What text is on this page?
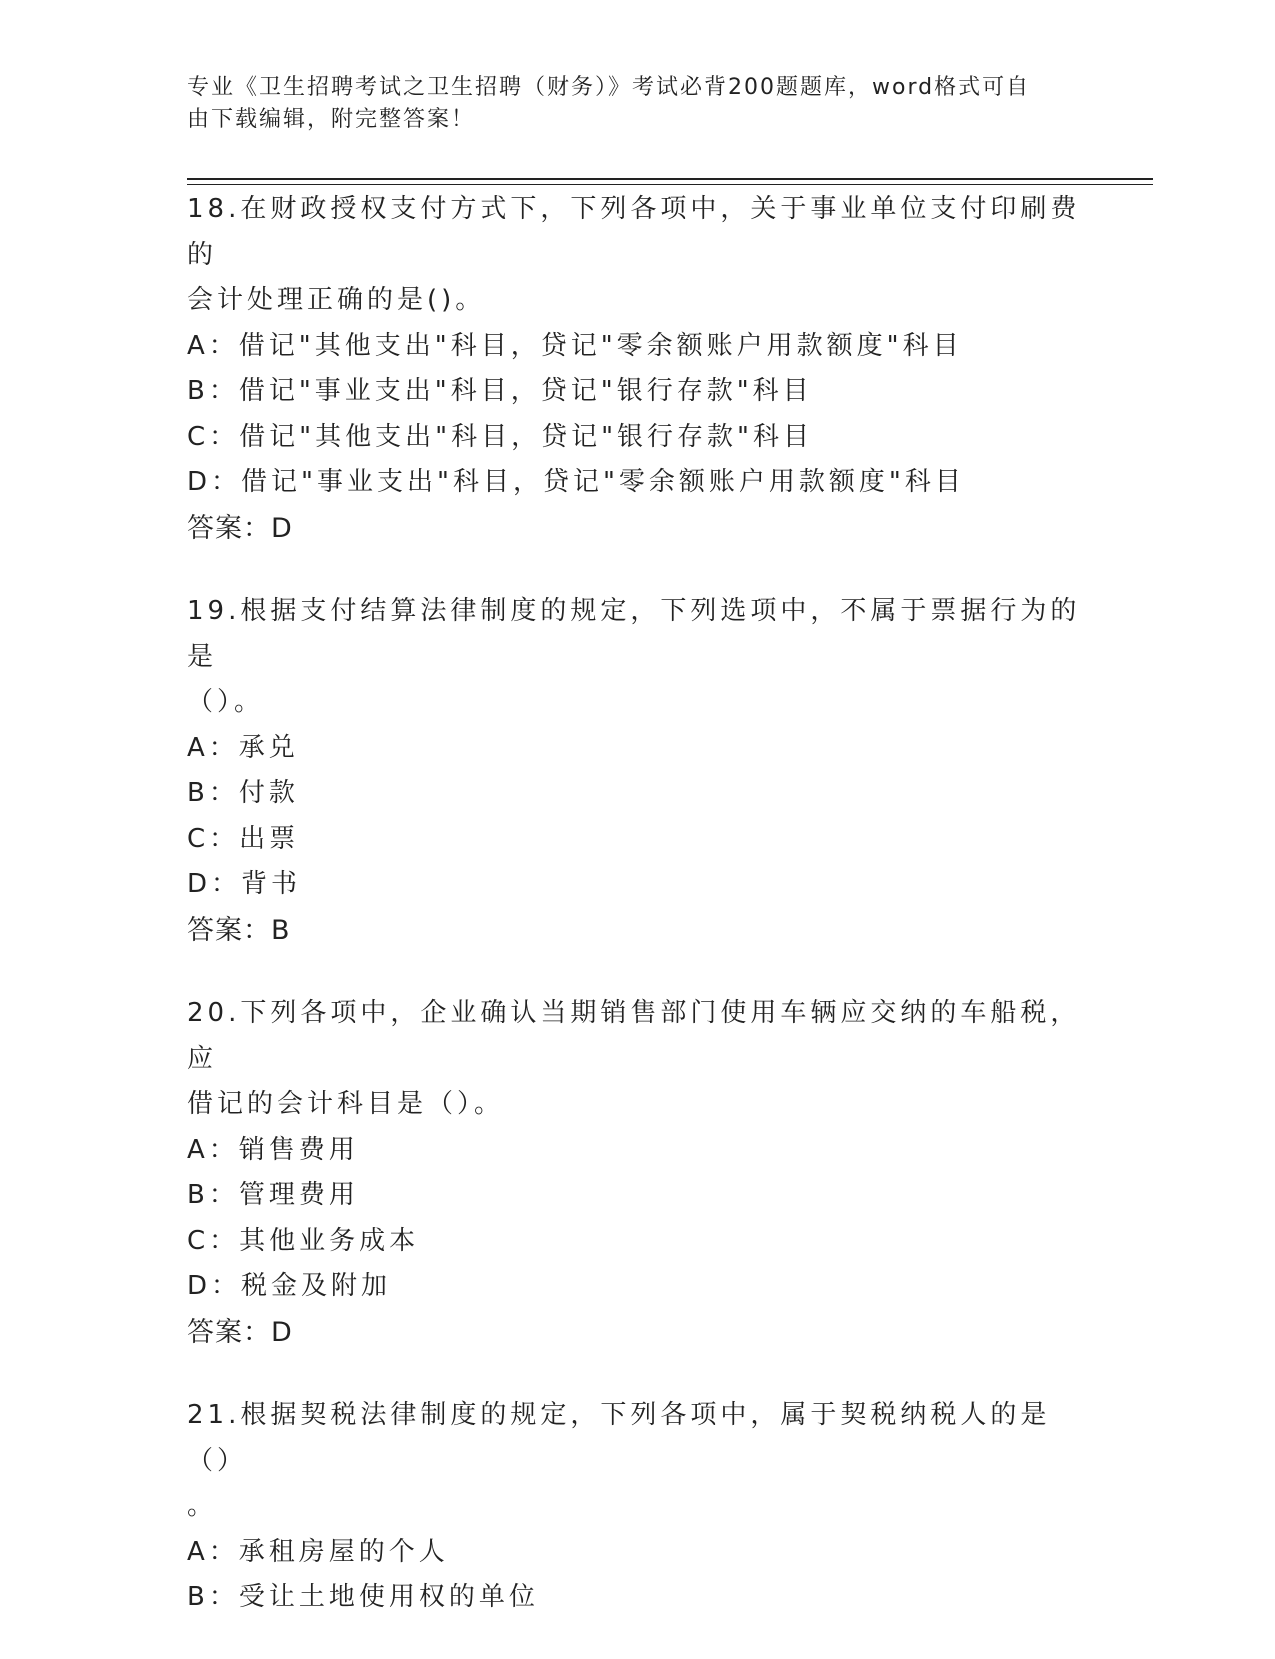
专业《卫生招聘考试之卫生招聘（财务）》考试必背200题题库，word格式可自
由下载编辑，附完整答案！

18.在财政授权支付方式下，下列各项中，关于事业单位支付印刷费的

会计处理正确的是()。

A：借记"其他支出"科目，贷记"零余额账户用款额度"科目

B：借记"事业支出"科目，贷记"银行存款"科目

C：借记"其他支出"科目，贷记"银行存款"科目

D：借记"事业支出"科目，贷记"零余额账户用款额度"科目

答案：D

19.根据支付结算法律制度的规定，下列选项中，不属于票据行为的是

（）。

A：承兑

B：付款

C：出票

D：背书

答案：B

20.下列各项中，企业确认当期销售部门使用车辆应交纳的车船税，应

借记的会计科目是（）。

A：销售费用

B：管理费用

C：其他业务成本

D：税金及附加

答案：D

21.根据契税法律制度的规定，下列各项中，属于契税纳税人的是（）

。

A：承租房屋的个人

B：受让土地使用权的单位
